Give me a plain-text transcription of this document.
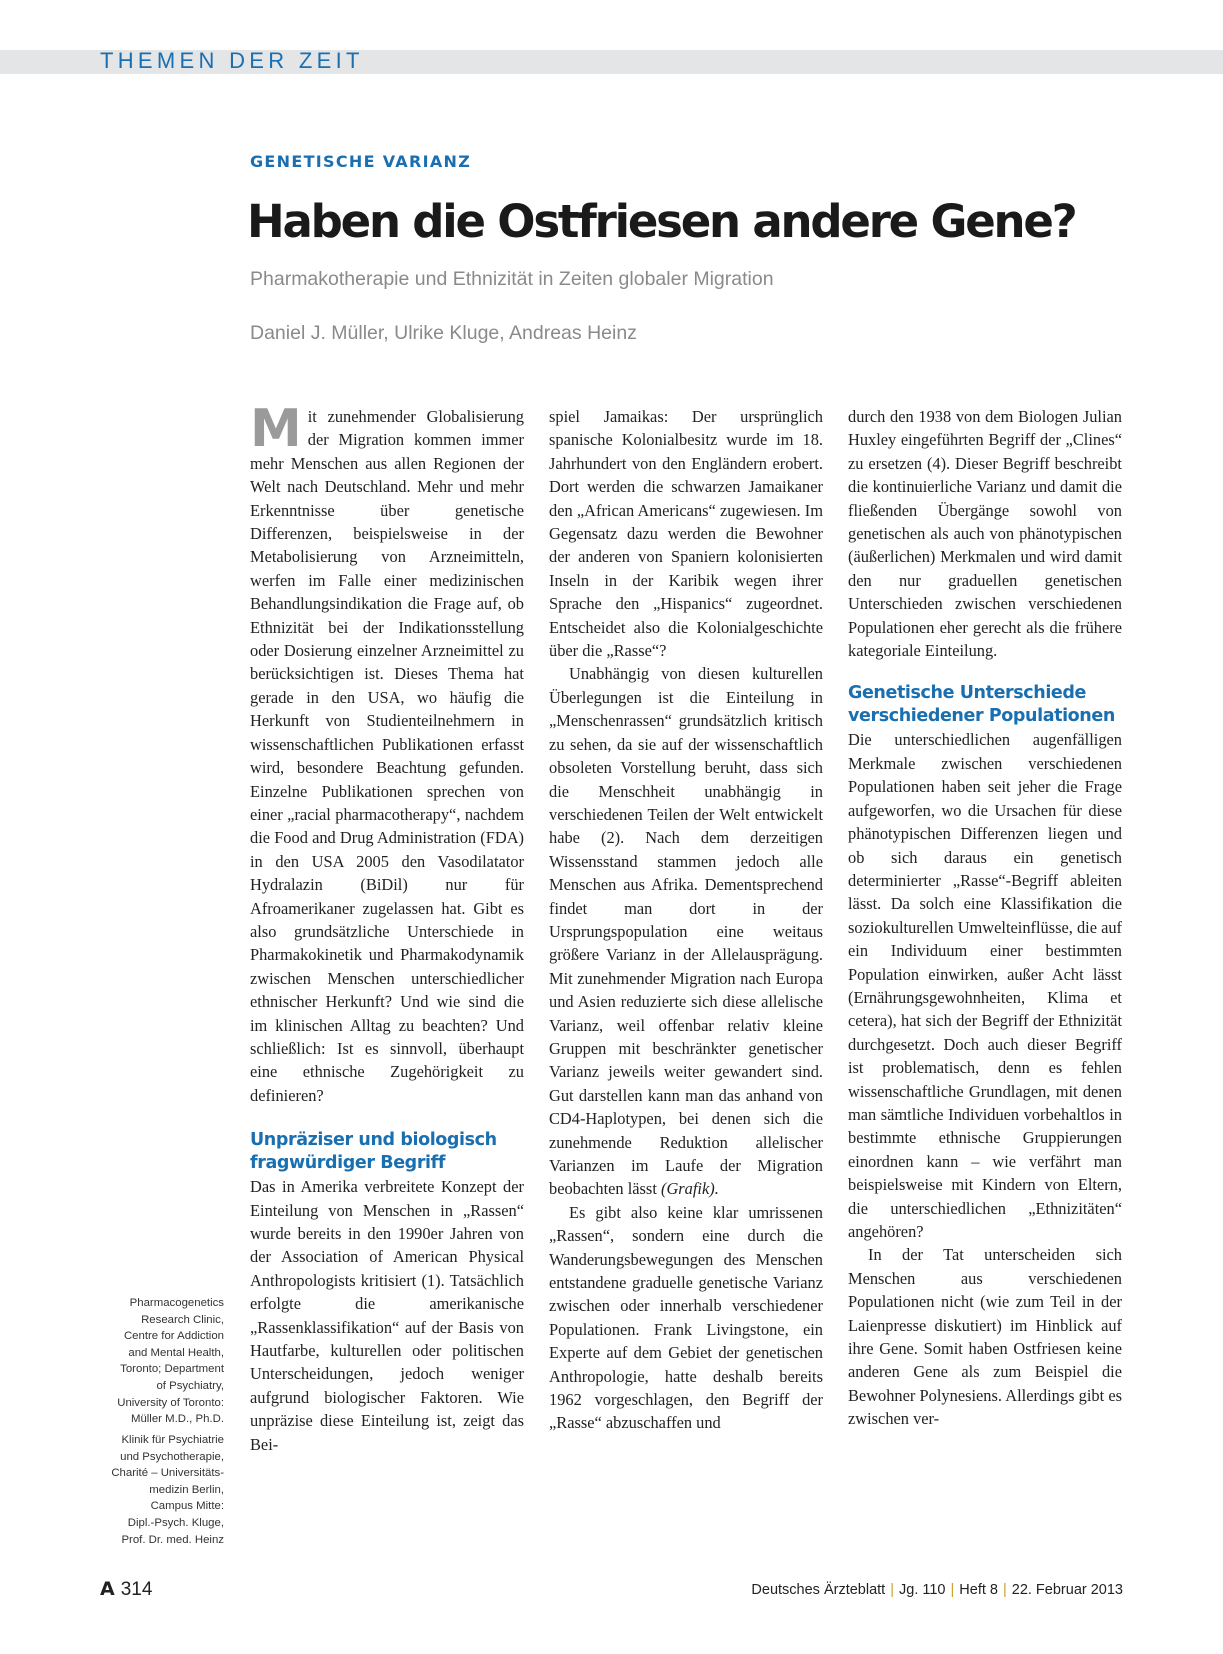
THEMEN DER ZEIT
GENETISCHE VARIANZ
Haben die Ostfriesen andere Gene?
Pharmakotherapie und Ethnizität in Zeiten globaler Migration
Daniel J. Müller, Ulrike Kluge, Andreas Heinz

Mit zunehmender Globalisierung der Migration kommen immer mehr Menschen aus allen Regionen der Welt nach Deutschland. Mehr und mehr Erkenntnisse über genetische Differenzen, beispielsweise in der Metabolisierung von Arzneimitteln, werfen im Falle einer medizinischen Behandlungsindikation die Frage auf, ob Ethnizität bei der Indikationsstellung oder Dosierung einzelner Arzneimittel zu berücksichtigen ist. Dieses Thema hat gerade in den USA, wo häufig die Herkunft von Studienteilnehmern in wissenschaftlichen Publikationen erfasst wird, besondere Beachtung gefunden. Einzelne Publikationen sprechen von einer „racial pharmacotherapy“, nachdem die Food and Drug Administration (FDA) in den USA 2005 den Vasodilatator Hydralazin (BiDil) nur für Afroamerikaner zugelassen hat. Gibt es also grundsätzliche Unterschiede in Pharmakokinetik und Pharmakodynamik zwischen Menschen unterschiedlicher ethnischer Herkunft? Und wie sind die im klinischen Alltag zu beachten? Und schließlich: Ist es sinnvoll, überhaupt eine ethnische Zugehörigkeit zu definieren?

Unpräziser und biologisch
fragwürdiger Begriff

Das in Amerika verbreitete Konzept der Einteilung von Menschen in „Rassen“ wurde bereits in den 1990er Jahren von der Association of American Physical Anthropologists kritisiert (1). Tatsächlich erfolgte die amerikanische „Rassenklassifikation“ auf der Basis von Hautfarbe, kulturellen oder politischen Unterscheidungen, jedoch weniger aufgrund biologischer Faktoren. Wie unpräzise diese Einteilung ist, zeigt das Bei-

spiel Jamaikas: Der ursprünglich spanische Kolonialbesitz wurde im 18. Jahrhundert von den Engländern erobert. Dort werden die schwarzen Jamaikaner den „African Americans“ zugewiesen. Im Gegensatz dazu werden die Bewohner der anderen von Spaniern kolonisierten Inseln in der Karibik wegen ihrer Sprache den „Hispanics“ zugeordnet. Entscheidet also die Kolonialgeschichte über die „Rasse“?

Unabhängig von diesen kulturellen Überlegungen ist die Einteilung in „Menschenrassen“ grundsätzlich kritisch zu sehen, da sie auf der wissenschaftlich obsoleten Vorstellung beruht, dass sich die Menschheit unabhängig in verschiedenen Teilen der Welt entwickelt habe (2). Nach dem derzeitigen Wissensstand stammen jedoch alle Menschen aus Afrika. Dementsprechend findet man dort in der Ursprungspopulation eine weitaus größere Varianz in der Allelausprägung. Mit zunehmender Migration nach Europa und Asien reduzierte sich diese allelische Varianz, weil offenbar relativ kleine Gruppen mit beschränkter genetischer Varianz jeweils weiter gewandert sind. Gut darstellen kann man das anhand von CD4-Haplotypen, bei denen sich die zunehmende Reduktion allelischer Varianzen im Laufe der Migration beobachten lässt (Grafik).

Es gibt also keine klar umrissenen „Rassen“, sondern eine durch die Wanderungsbewegungen des Menschen entstandene graduelle genetische Varianz zwischen oder innerhalb verschiedener Populationen. Frank Livingstone, ein Experte auf dem Gebiet der genetischen Anthropologie, hatte deshalb bereits 1962 vorgeschlagen, den Begriff der „Rasse“ abzuschaffen und

durch den 1938 von dem Biologen Julian Huxley eingeführten Begriff der „Clines“ zu ersetzen (4). Dieser Begriff beschreibt die kontinuierliche Varianz und damit die fließenden Übergänge sowohl von genetischen als auch von phänotypischen (äußerlichen) Merkmalen und wird damit den nur graduellen genetischen Unterschieden zwischen verschiedenen Populationen eher gerecht als die frühere kategoriale Einteilung.

Genetische Unterschiede
verschiedener Populationen

Die unterschiedlichen augenfälligen Merkmale zwischen verschiedenen Populationen haben seit jeher die Frage aufgeworfen, wo die Ursachen für diese phänotypischen Differenzen liegen und ob sich daraus ein genetisch determinierter „Rasse“-Begriff ableiten lässt. Da solch eine Klassifikation die soziokulturellen Umwelteinflüsse, die auf ein Individuum einer bestimmten Population einwirken, außer Acht lässt (Ernährungsgewohnheiten, Klima et cetera), hat sich der Begriff der Ethnizität durchgesetzt. Doch auch dieser Begriff ist problematisch, denn es fehlen wissenschaftliche Grundlagen, mit denen man sämtliche Individuen vorbehaltlos in bestimmte ethnische Gruppierungen einordnen kann – wie verfährt man beispielsweise mit Kindern von Eltern, die unterschiedlichen „Ethnizitäten“ angehören?

In der Tat unterscheiden sich Menschen aus verschiedenen Populationen nicht (wie zum Teil in der Laienpresse diskutiert) im Hinblick auf ihre Gene. Somit haben Ostfriesen keine anderen Gene als zum Beispiel die Bewohner Polynesiens. Allerdings gibt es zwischen ver-

Pharmacogenetics
Research Clinic,
Centre for Addiction
and Mental Health,
Toronto; Department
of Psychiatry,
University of Toronto:
Müller M.D., Ph.D.
Klinik für Psychiatrie
und Psychotherapie,
Charité – Universitäts-
medizin Berlin,
Campus Mitte:
Dipl.-Psych. Kluge,
Prof. Dr. med. Heinz
A 314	Deutsches Ärzteblatt | Jg. 110 | Heft 8 | 22. Februar 2013
